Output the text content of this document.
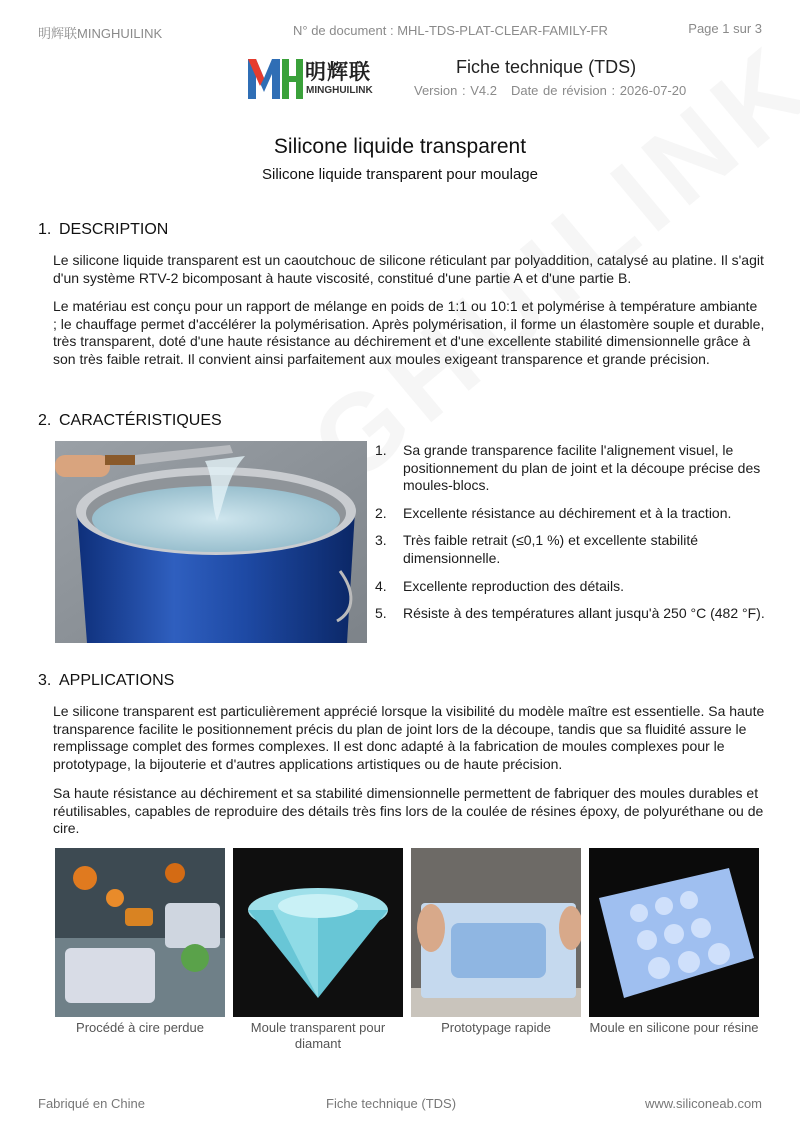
明辉联MINGHUILINK	N° de document : MHL-TDS-PLAT-CLEAR-FAMILY-FR	Page 1 sur 3
明辉联
MINGHUILINK
Fiche technique (TDS)
Version : V4.2 Date de révision : 2026-07-20
Silicone liquide transparent
Silicone liquide transparent pour moulage
1. DESCRIPTION

Le silicone liquide transparent est un caoutchouc de silicone réticulant par polyaddition, catalysé au platine. Il s'agit d'un système RTV-2 bicomposant à haute viscosité, constitué d'une partie A et d'une partie B.

Le matériau est conçu pour un rapport de mélange en poids de 1:1 ou 10:1 et polymérise à température ambiante ; le chauffage permet d'accélérer la polymérisation. Après polymérisation, il forme un élastomère souple et durable, très transparent, doté d'une haute résistance au déchirement et d'une excellente stabilité dimensionnelle grâce à son très faible retrait. Il convient ainsi parfaitement aux moules exigeant transparence et grande précision.

2. CARACTÉRISTIQUES
1. Sa grande transparence facilite l'alignement visuel, le positionnement du plan de joint et la découpe précise des moules-blocs.
2. Excellente résistance au déchirement et à la traction.
3. Très faible retrait (≤0,1 %) et excellente stabilité dimensionnelle.
4. Excellente reproduction des détails.
5. Résiste à des températures allant jusqu'à 250 °C (482 °F).
3. APPLICATIONS

Le silicone transparent est particulièrement apprécié lorsque la visibilité du modèle maître est essentielle. Sa haute transparence facilite le positionnement précis du plan de joint lors de la découpe, tandis que sa fluidité assure le remplissage complet des formes complexes. Il est donc adapté à la fabrication de moules complexes pour le prototypage, la bijouterie et d'autres applications artistiques ou de haute précision.

Sa haute résistance au déchirement et sa stabilité dimensionnelle permettent de fabriquer des moules durables et réutilisables, capables de reproduire des détails très fins lors de la coulée de résines époxy, de polyuréthane ou de cire.

Procédé à cire perdue	Moule transparent pour diamant
Prototypage rapide	Moule en silicone pour résine
Fabriqué en Chine	Fiche technique (TDS)	www.siliconeab.com
